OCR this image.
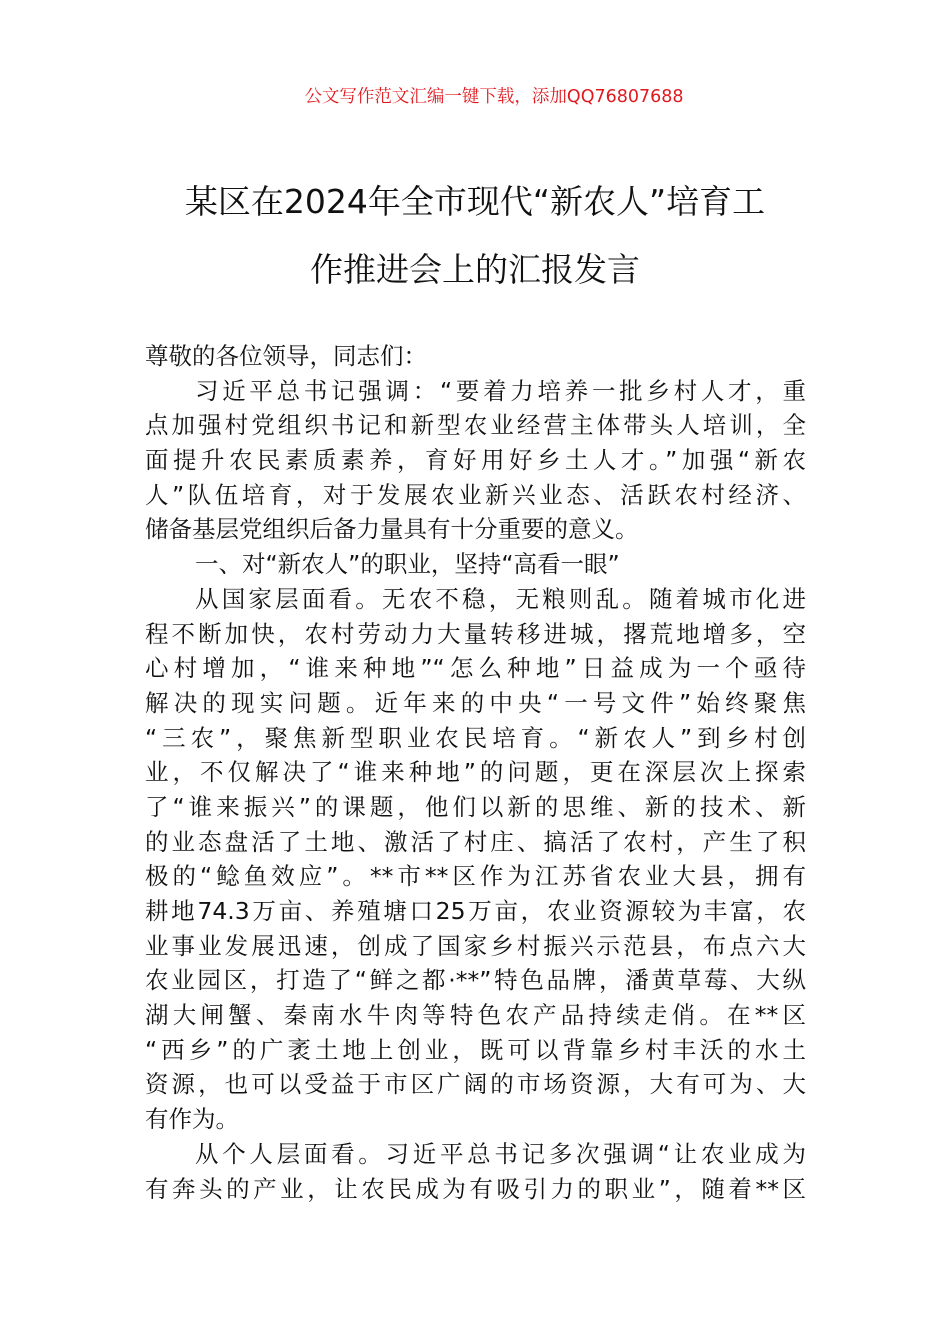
公文写作范文汇编一键下载，添加QQ76807688
某区在2024年全市现代“新农人”培育工
作推进会上的汇报发言
尊敬的各位领导，同志们：
习近平总书记强调：“要着力培养一批乡村人才，重
点加强村党组织书记和新型农业经营主体带头人培训，全
面提升农民素质素养，育好用好乡土人才。”加强“新农
人”队伍培育，对于发展农业新兴业态、活跃农村经济、
储备基层党组织后备力量具有十分重要的意义。
一、对“新农人”的职业，坚持“高看一眼”
从国家层面看。无农不稳，无粮则乱。随着城市化进
程不断加快，农村劳动力大量转移进城，撂荒地增多，空
心村增加，“谁来种地”“怎么种地”日益成为一个亟待
解决的现实问题。近年来的中央“一号文件”始终聚焦
“三农”，聚焦新型职业农民培育。“新农人”到乡村创
业，不仅解决了“谁来种地”的问题，更在深层次上探索
了“谁来振兴”的课题，他们以新的思维、新的技术、新
的业态盘活了土地、激活了村庄、搞活了农村，产生了积
极的“鲶鱼效应”。**市**区作为江苏省农业大县，拥有
耕地74.3万亩、养殖塘口25万亩，农业资源较为丰富，农
业事业发展迅速，创成了国家乡村振兴示范县，布点六大
农业园区，打造了“鲜之都·**”特色品牌，潘黄草莓、大纵
湖大闸蟹、秦南水牛肉等特色农产品持续走俏。在**区
“西乡”的广袤土地上创业，既可以背靠乡村丰沃的水土
资源，也可以受益于市区广阔的市场资源，大有可为、大
有作为。
从个人层面看。习近平总书记多次强调“让农业成为
有奔头的产业，让农民成为有吸引力的职业”，随着**区
